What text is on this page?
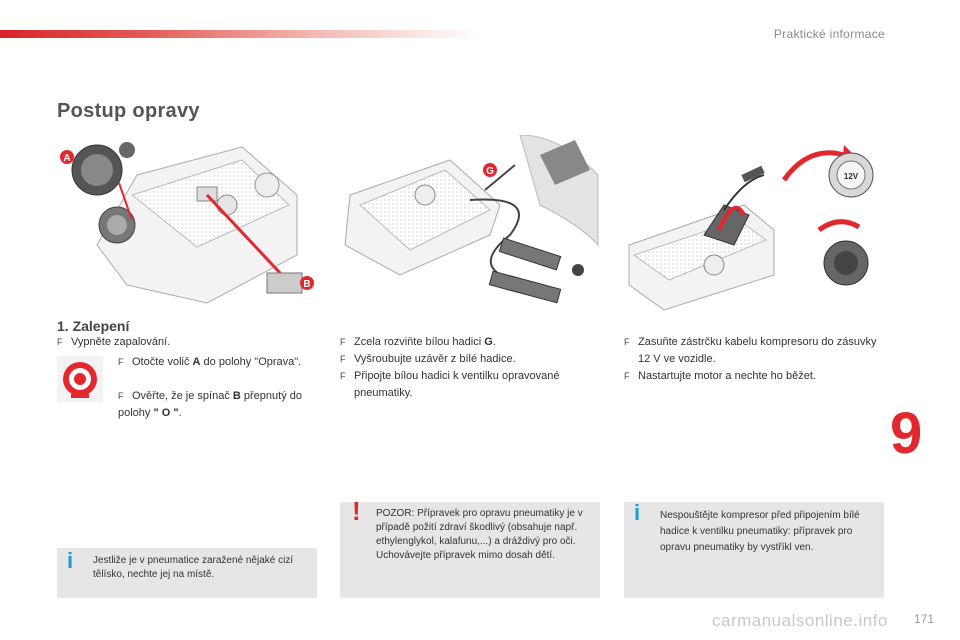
Praktické informace
Postup opravy
A
B
G	12V
1. Zalepení
F Vypněte zapalování.
F Otočte volič A do polohy "Oprava".
F Ověřte, že je spínač B přepnutý do polohy " O ".
F Zcela rozviňte bílou hadici G.
F Vyšroubujte uzávěr z bílé hadice.
F Připojte bílou hadici k ventilku opravované pneumatiky.
F Zasuňte zástrčku kabelu kompresoru do zásuvky 12 V ve vozidle.
F Nastartujte motor a nechte ho běžet.
9
i Jestliže je v pneumatice zaražené nějaké cizí tělísko, nechte jej na místě.
! POZOR: Přípravek pro opravu pneumatiky je v případě požití zdraví škodlivý (obsahuje např. ethylenglykol, kalafunu,...) a dráždivý pro oči. Uchovávejte přípravek mimo dosah dětí.
i Nespouštějte kompresor před připojením bílé hadice k ventilku pneumatiky: přípravek pro opravu pneumatiky by vystříkl ven.
carmanualsonline.info 171
